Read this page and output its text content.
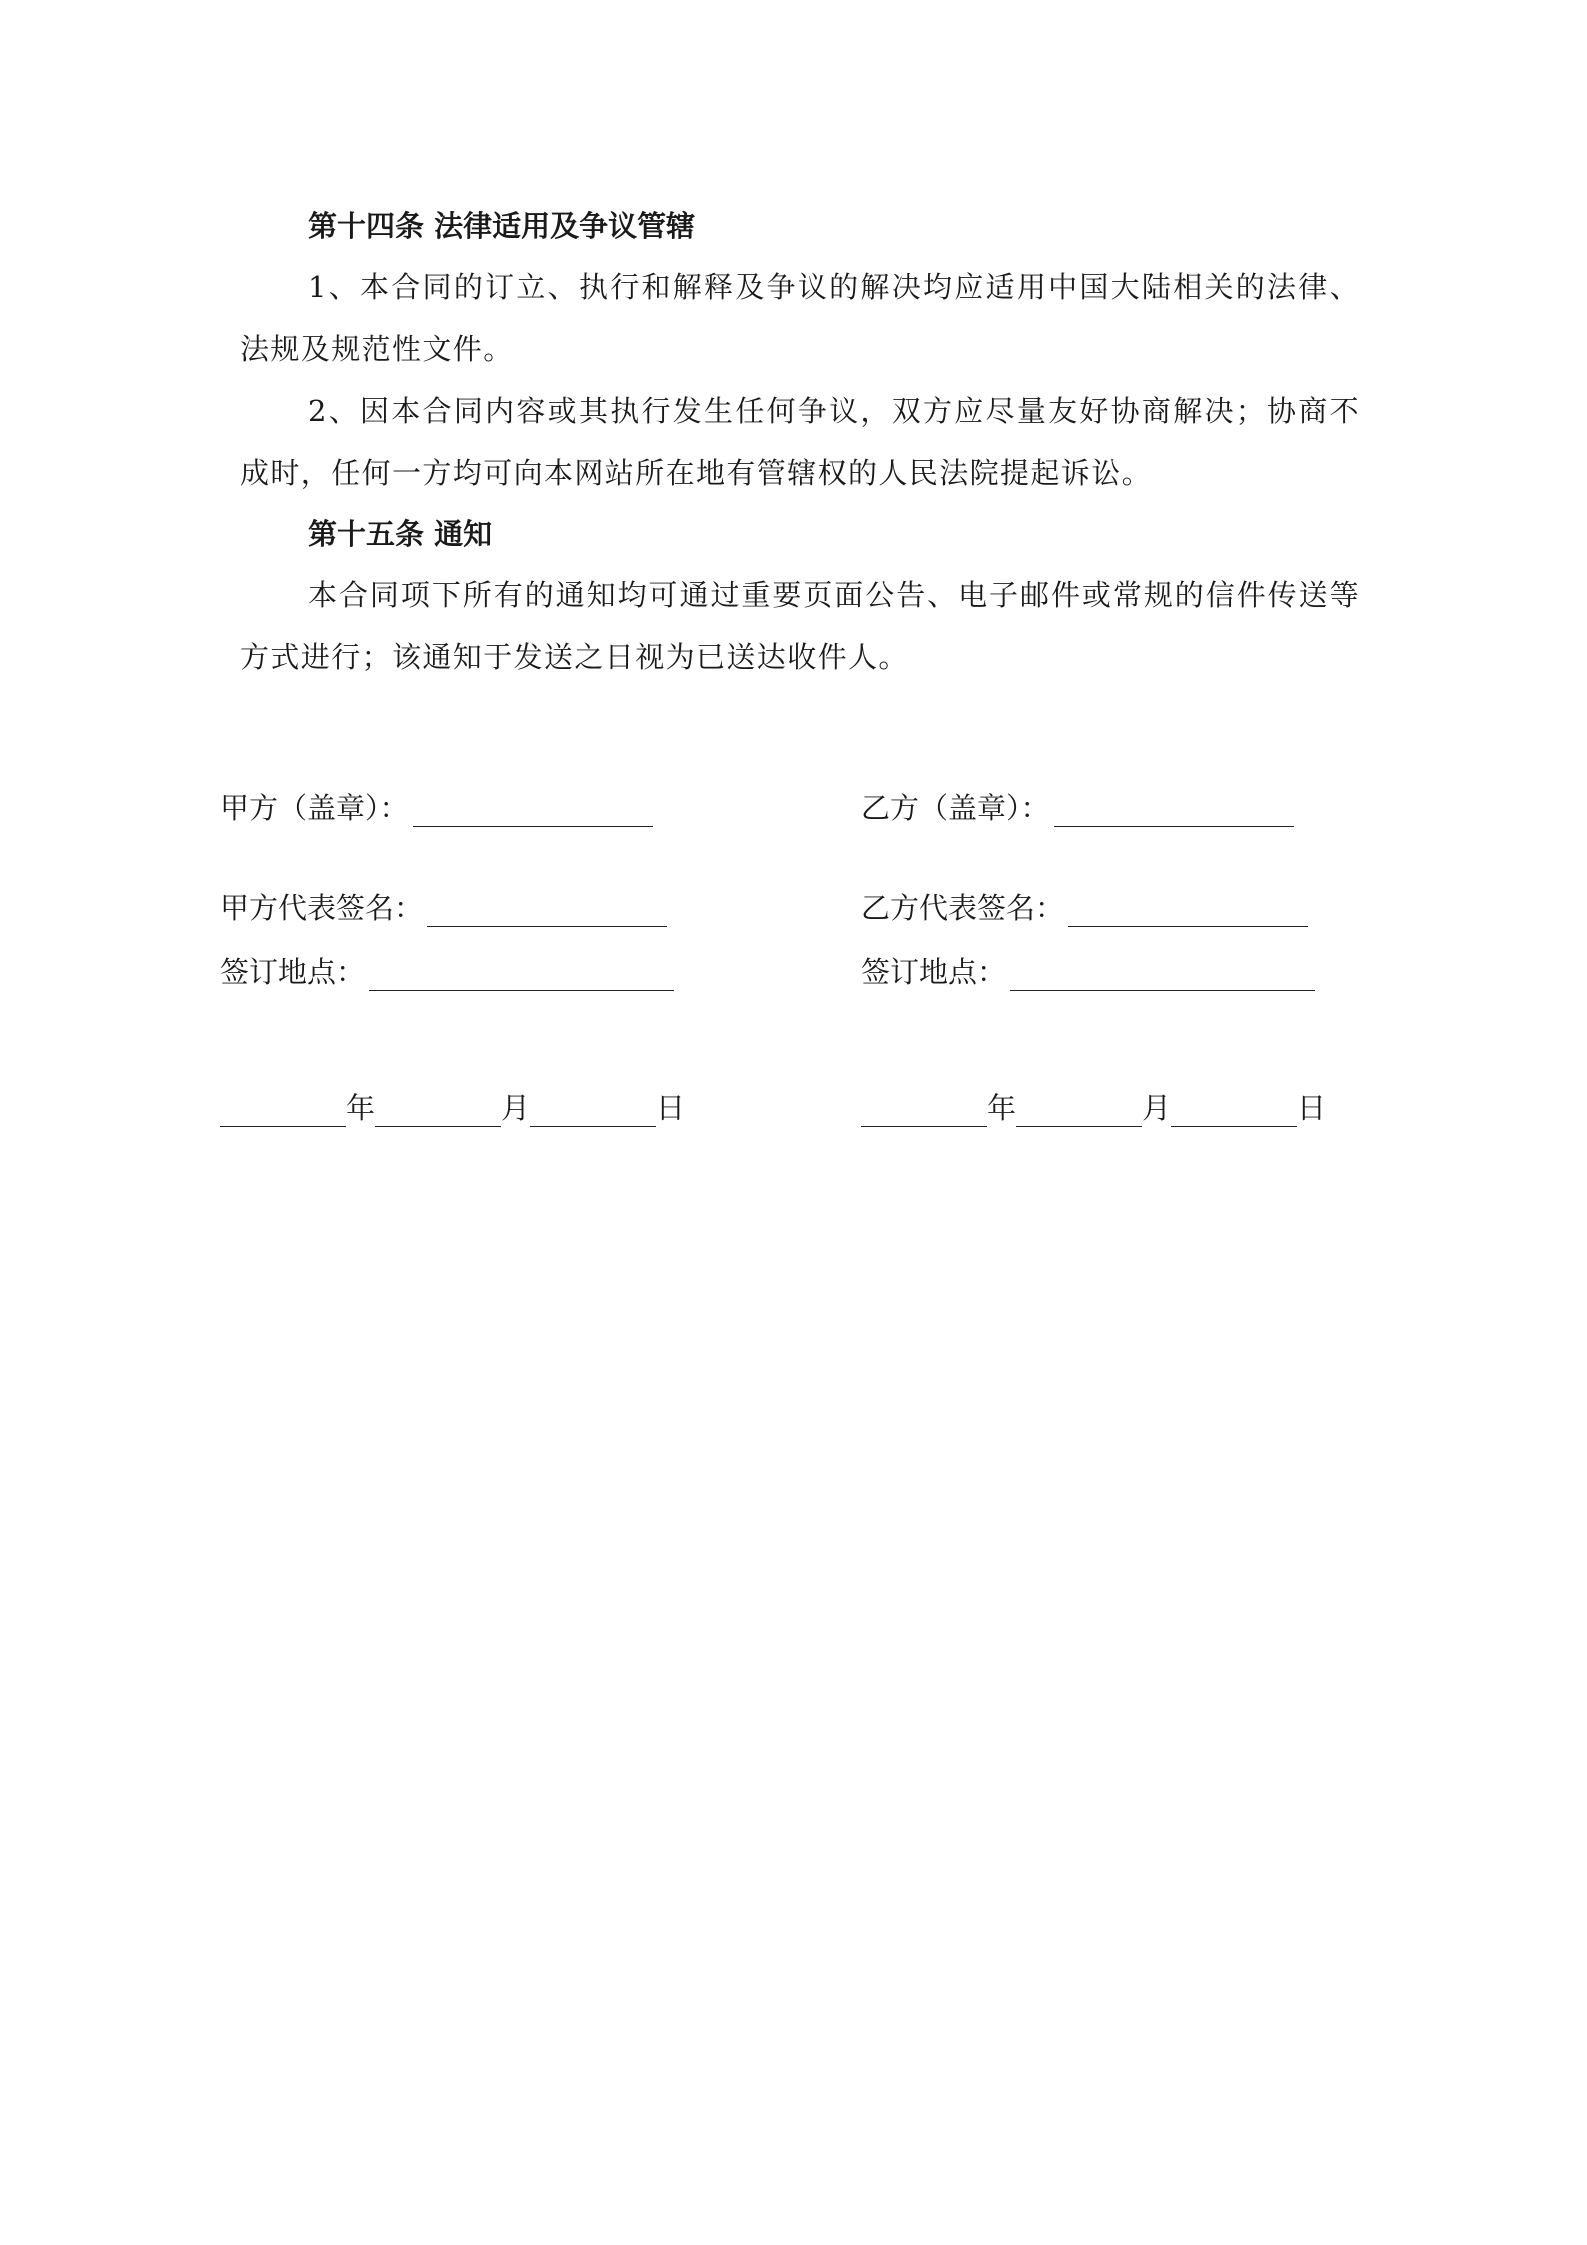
第十四条 法律适用及争议管辖

1、本合同的订立、执行和解释及争议的解决均应适用中国大陆相关的法律、法规及规范性文件。

2、因本合同内容或其执行发生任何争议，双方应尽量友好协商解决；协商不成时，任何一方均可向本网站所在地有管辖权的人民法院提起诉讼。

第十五条 通知

本合同项下所有的通知均可通过重要页面公告、电子邮件或常规的信件传送等方式进行；该通知于发送之日视为已送达收件人。

甲方（盖章）：
甲方代表签名：
签订地点：
年	月	日
乙方（盖章）：
乙方代表签名：
签订地点：
年	月	日
